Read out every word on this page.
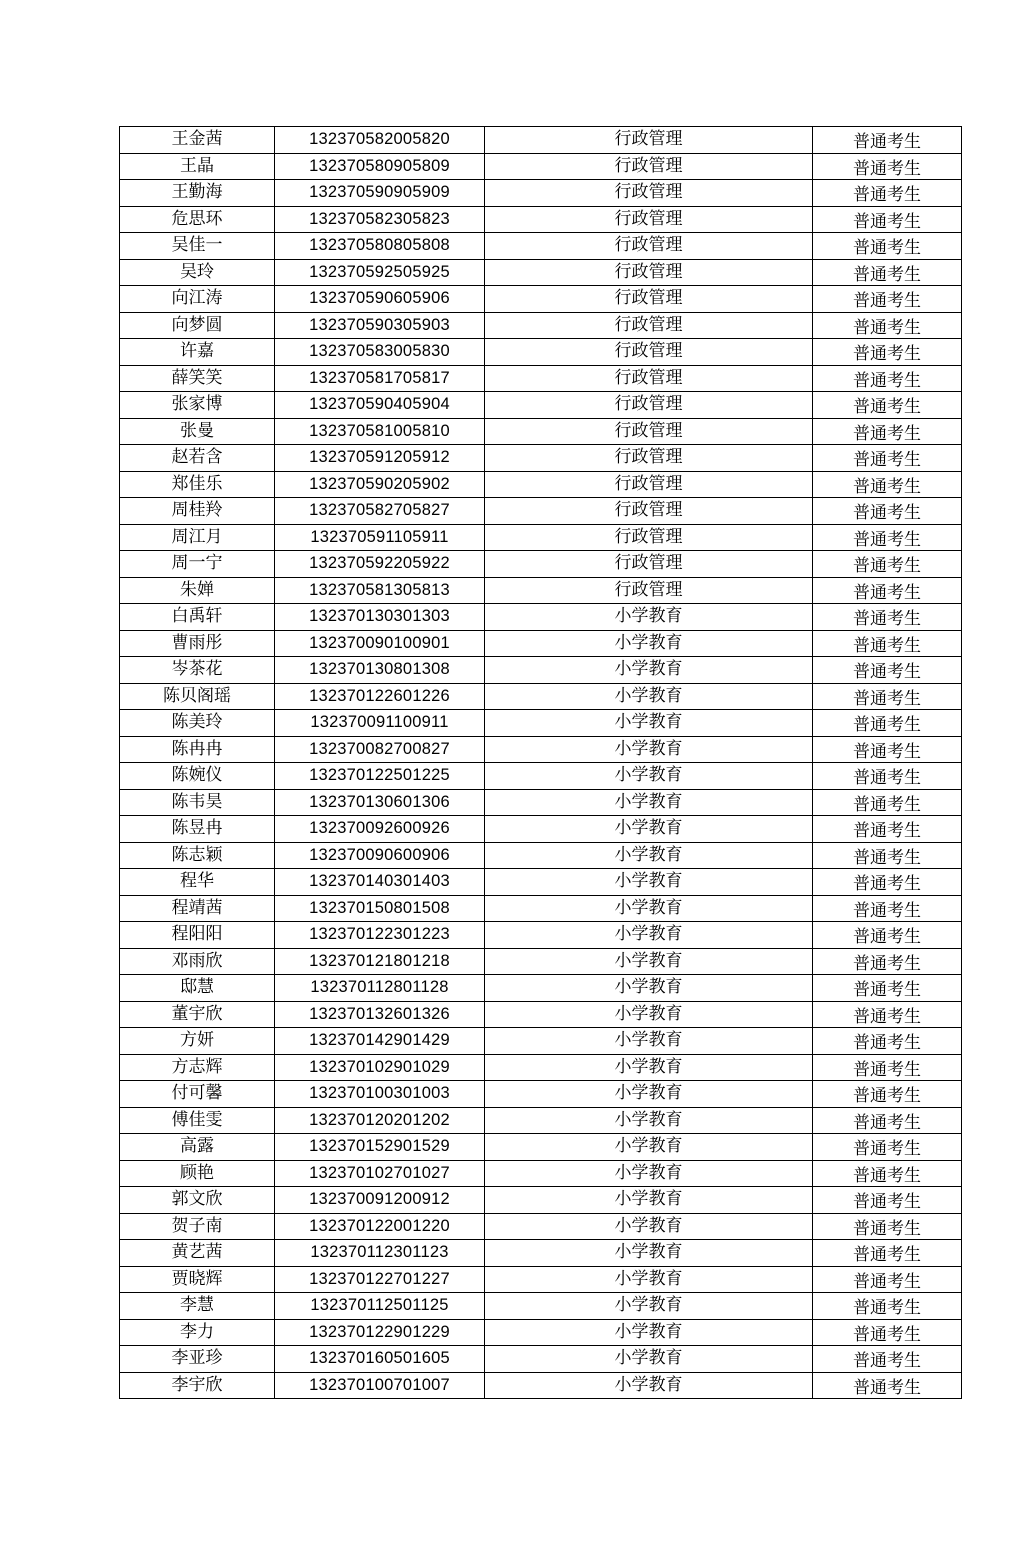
王金茜	132370582005820	行政管理	普通考生
王晶	132370580905809	行政管理	普通考生
王勤海	132370590905909	行政管理	普通考生
危思环	132370582305823	行政管理	普通考生
吴佳一	132370580805808	行政管理	普通考生
吴玲	132370592505925	行政管理	普通考生
向江涛	132370590605906	行政管理	普通考生
向梦圆	132370590305903	行政管理	普通考生
许嘉	132370583005830	行政管理	普通考生
薛笑笑	132370581705817	行政管理	普通考生
张家博	132370590405904	行政管理	普通考生
张曼	132370581005810	行政管理	普通考生
赵若含	132370591205912	行政管理	普通考生
郑佳乐	132370590205902	行政管理	普通考生
周桂羚	132370582705827	行政管理	普通考生
周江月	132370591105911	行政管理	普通考生
周一宁	132370592205922	行政管理	普通考生
朱婵	132370581305813	行政管理	普通考生
白禹轩	132370130301303	小学教育	普通考生
曹雨彤	132370090100901	小学教育	普通考生
岑茶花	132370130801308	小学教育	普通考生
陈贝阁瑶	132370122601226	小学教育	普通考生
陈美玲	132370091100911	小学教育	普通考生
陈冉冉	132370082700827	小学教育	普通考生
陈婉仪	132370122501225	小学教育	普通考生
陈韦昊	132370130601306	小学教育	普通考生
陈昱冉	132370092600926	小学教育	普通考生
陈志颖	132370090600906	小学教育	普通考生
程华	132370140301403	小学教育	普通考生
程靖茜	132370150801508	小学教育	普通考生
程阳阳	132370122301223	小学教育	普通考生
邓雨欣	132370121801218	小学教育	普通考生
邸慧	132370112801128	小学教育	普通考生
董宇欣	132370132601326	小学教育	普通考生
方妍	132370142901429	小学教育	普通考生
方志辉	132370102901029	小学教育	普通考生
付可馨	132370100301003	小学教育	普通考生
傅佳雯	132370120201202	小学教育	普通考生
高露	132370152901529	小学教育	普通考生
顾艳	132370102701027	小学教育	普通考生
郭文欣	132370091200912	小学教育	普通考生
贺子南	132370122001220	小学教育	普通考生
黄艺茜	132370112301123	小学教育	普通考生
贾晓辉	132370122701227	小学教育	普通考生
李慧	132370112501125	小学教育	普通考生
李力	132370122901229	小学教育	普通考生
李亚珍	132370160501605	小学教育	普通考生
李宇欣	132370100701007	小学教育	普通考生
